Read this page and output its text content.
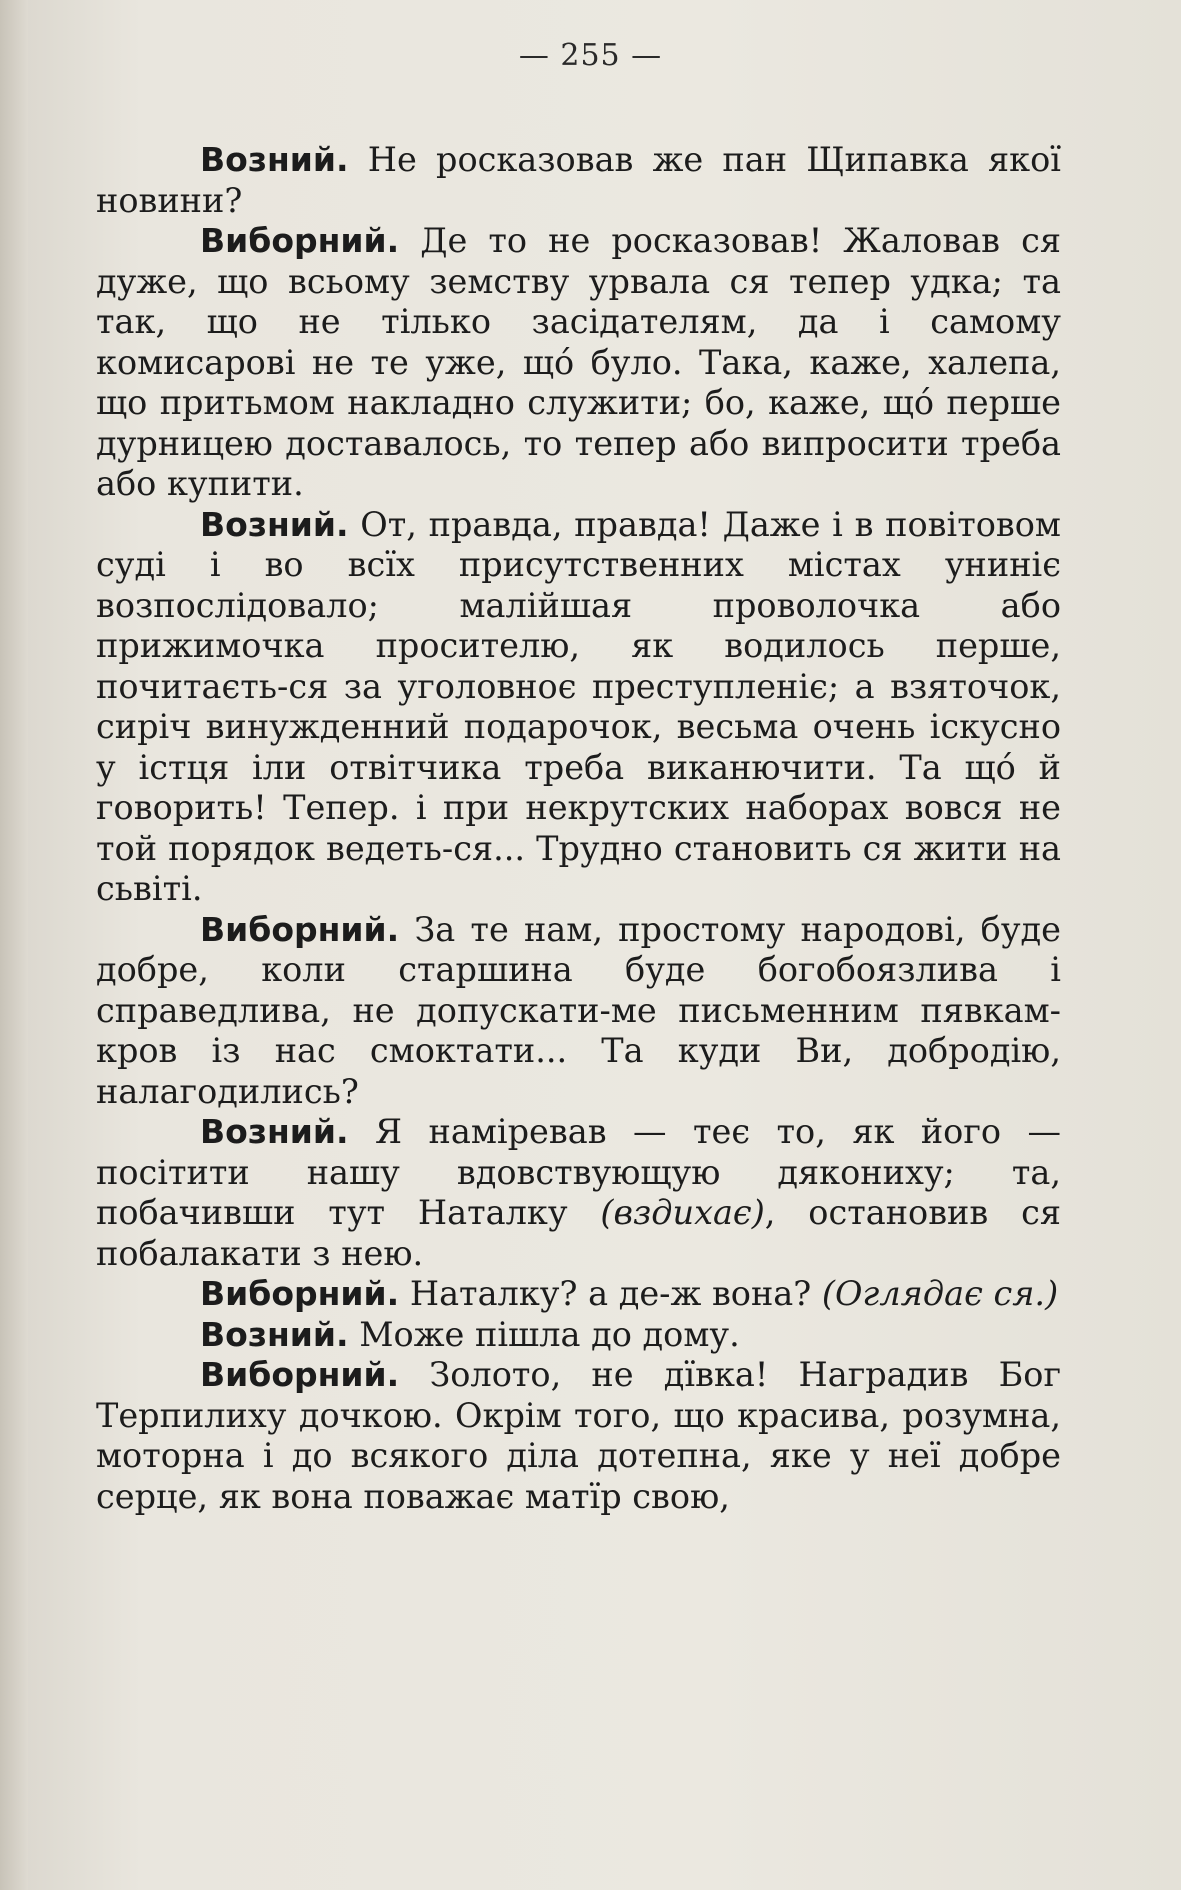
— 255 —

Возний. Не росказовав же пан Щипавка якої новини?

Виборний. Де то не росказовав! Жаловав ся дуже, що всьому земству урвала ся тепер удка; та так, що не тілько засідателям, да і самому комисарові не те уже, щó було. Така, каже, халепа, що притьмом накладно служити; бо, каже, щó перше дурницею доставалось, то тепер або випросити треба або купити.

Возний. От, правда, правда! Даже і в повітовом суді і во всїх присутственних містах униніє возпослідовало; малійшая проволочка або прижимочка просителю, як водилось перше, почитаєть-ся за уголовноє преступленіє; а взяточок, сиріч винужденний подарочок, весьма очень іскусно у істця іли отвітчика треба виканючити. Та щó й говорить! Тепер. і при некрутских наборах вовся не той порядок ведеть-ся... Трудно становить ся жити на сьвіті.

Виборний. За те нам, простому народові, буде добре, коли старшина буде богобоязлива і справедлива, не допускати-ме письменним пявкам-кров із нас смоктати... Та куди Ви, добродію, налагодились?

Возний. Я наміревав — теє то, як його — посітити нашу вдовствующую дякониху; та, побачивши тут Наталку (вздихає), остановив ся побалакати з нею.

Виборний. Наталку? а де-ж вона? (Оглядає ся.)

Возний. Може пішла до дому.

Виборний. Золото, не дївка! Наградив Бог Терпилиху дочкою. Окрім того, що красива, розумна, моторна і до всякого діла дотепна, яке у неї добре серце, як вона поважає матїр свою,
